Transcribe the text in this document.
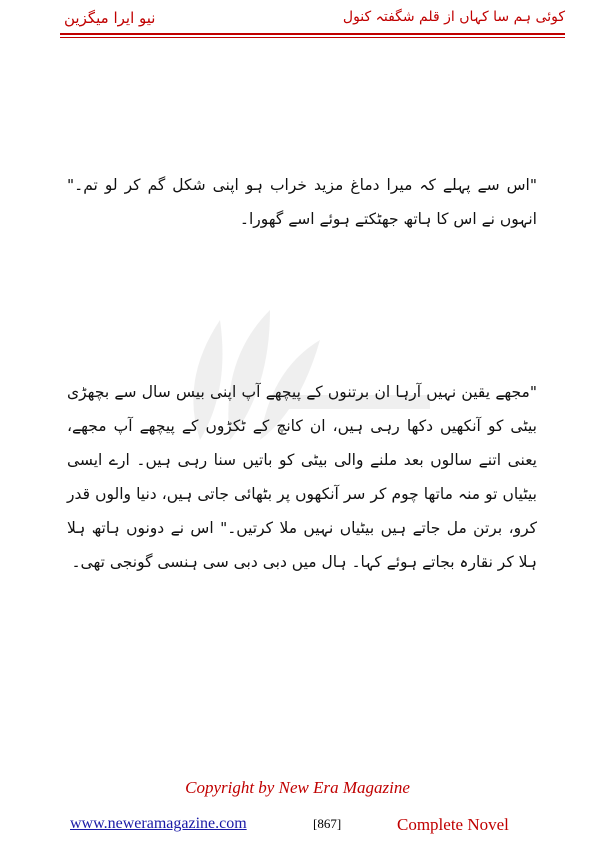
نیو ایرا میگزین	کوئی ہم سا کہاں از قلم شگفتہ کنول
"اس سے پہلے کہ میرا دماغ مزید خراب ہو اپنی شکل گم کر لو تم۔" انہوں نے اس کا ہاتھ جھٹکتے ہوئے اسے گھورا۔
"مجھے یقین نہیں آرہا ان برتنوں کے پیچھے آپ اپنی بیس سال سے بچھڑی بیٹی کو آنکھیں دکھا رہی ہیں، ان کانچ کے ٹکڑوں کے پیچھے آپ مجھے، یعنی اتنے سالوں بعد ملنے والی بیٹی کو باتیں سنا رہی ہیں۔ ارے ایسی بیٹیاں تو منہ ماتھا چوم کر سر آنکھوں پر بٹھائی جاتی ہیں، دنیا والوں قدر کرو، برتن مل جاتے ہیں بیٹیاں نہیں ملا کرتیں۔" اس نے دونوں ہاتھ ہلا ہلا کر نقارہ بجاتے ہوئے کہا۔ ہال میں دبی دبی سی ہنسی گونجی تھی۔
Copyright by New Era Magazine
www.neweramagazine.com	[867]	Complete Novel
